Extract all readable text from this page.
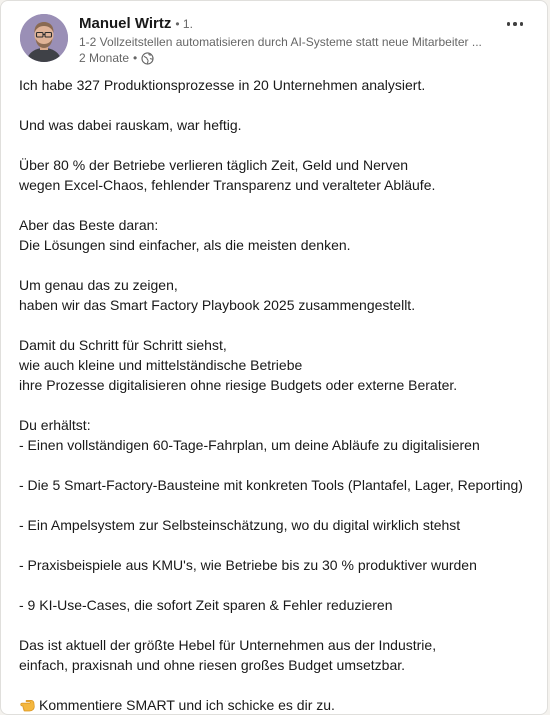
Manuel Wirtz • 1.
1-2 Vollzeitstellen automatisieren durch AI-Systeme statt neue Mitarbeiter ...
2 Monate •

Ich habe 327 Produktionsprozesse in 20 Unternehmen analysiert.

Und was dabei rauskam, war heftig.

Über 80 % der Betriebe verlieren täglich Zeit, Geld und Nerven
wegen Excel-Chaos, fehlender Transparenz und veralteter Abläufe.

Aber das Beste daran:
Die Lösungen sind einfacher, als die meisten denken.

Um genau das zu zeigen,
haben wir das Smart Factory Playbook 2025 zusammengestellt.

Damit du Schritt für Schritt siehst,
wie auch kleine und mittelständische Betriebe
ihre Prozesse digitalisieren ohne riesige Budgets oder externe Berater.

Du erhältst:
- Einen vollständigen 60-Tage-Fahrplan, um deine Abläufe zu digitalisieren

- Die 5 Smart-Factory-Bausteine mit konkreten Tools (Plantafel, Lager, Reporting)

- Ein Ampelsystem zur Selbsteinschätzung, wo du digital wirklich stehst

- Praxisbeispiele aus KMU's, wie Betriebe bis zu 30 % produktiver wurden

- 9 KI-Use-Cases, die sofort Zeit sparen & Fehler reduzieren

Das ist aktuell der größte Hebel für Unternehmen aus der Industrie,
einfach, praxisnah und ohne riesen großes Budget umsetzbar.

Kommentiere SMART und ich schicke es dir zu.
